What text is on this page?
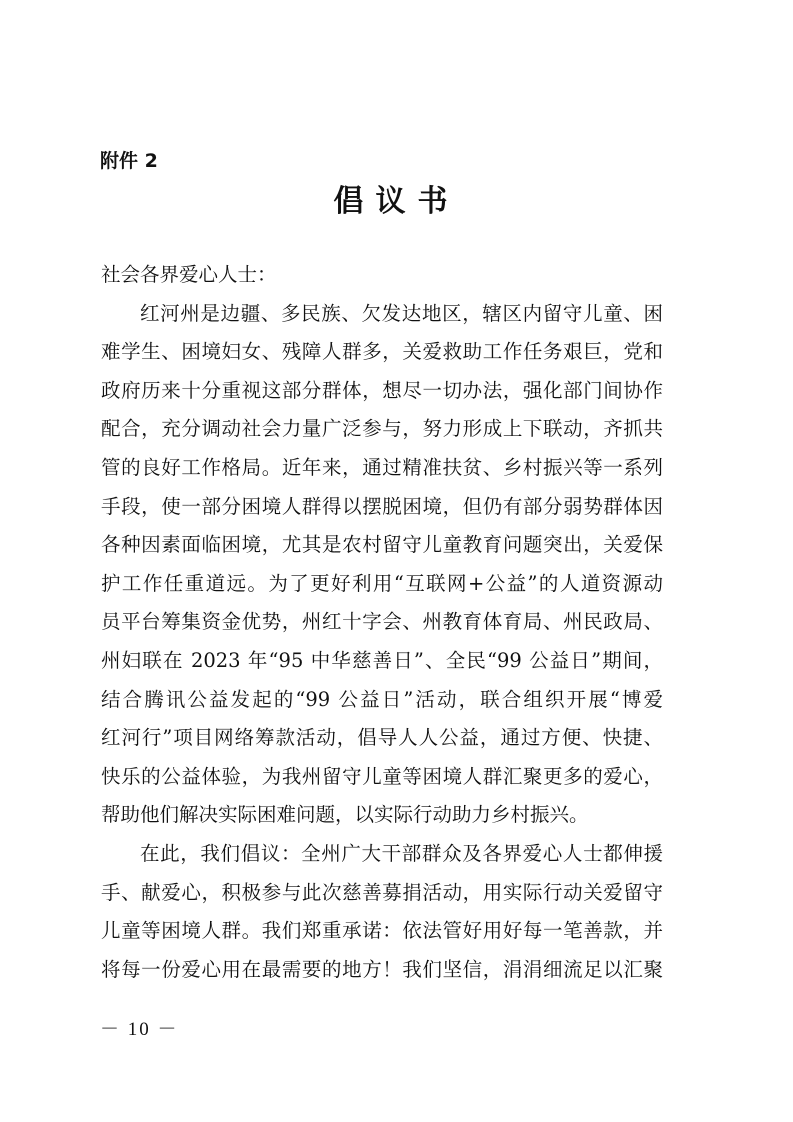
附件 2
倡议书
社会各界爱心人士：
红河州是边疆、多民族、欠发达地区，辖区内留守儿童、困
难学生、困境妇女、残障人群多，关爱救助工作任务艰巨，党和
政府历来十分重视这部分群体，想尽一切办法，强化部门间协作
配合，充分调动社会力量广泛参与，努力形成上下联动，齐抓共
管的良好工作格局。近年来，通过精准扶贫、乡村振兴等一系列
手段，使一部分困境人群得以摆脱困境，但仍有部分弱势群体因
各种因素面临困境，尤其是农村留守儿童教育问题突出，关爱保
护工作任重道远。为了更好利用“互联网+公益”的人道资源动
员平台筹集资金优势，州红十字会、州教育体育局、州民政局、
州妇联在 2023 年“95 中华慈善日”、全民“99 公益日”期间，
结合腾讯公益发起的“99 公益日”活动，联合组织开展“博爱
红河行”项目网络筹款活动，倡导人人公益，通过方便、快捷、
快乐的公益体验，为我州留守儿童等困境人群汇聚更多的爱心，
帮助他们解决实际困难问题，以实际行动助力乡村振兴。
在此，我们倡议：全州广大干部群众及各界爱心人士都伸援
手、献爱心，积极参与此次慈善募捐活动，用实际行动关爱留守
儿童等困境人群。我们郑重承诺：依法管好用好每一笔善款，并
将每一份爱心用在最需要的地方！我们坚信，涓涓细流足以汇聚
－ 10 －
